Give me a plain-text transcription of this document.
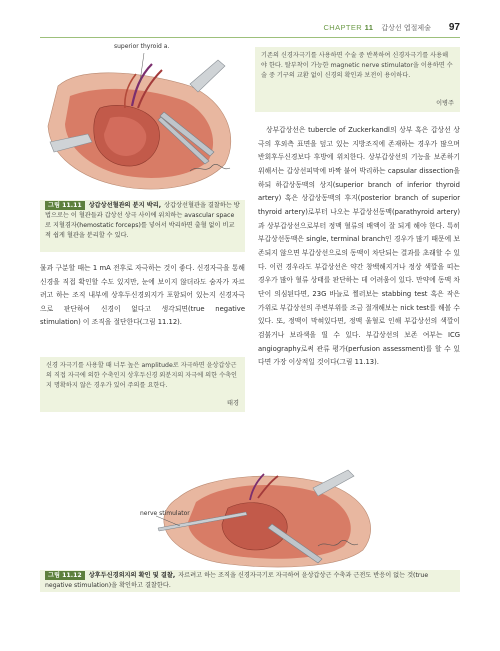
CHAPTER 11 갑상선 엽절제술 97
superior thyroid a.
그림 11.11 상갑상선혈관의 분지 박리, 상갑상선혈관을 결찰하는 방법으로는 이 혈관들과 갑상선 상극 사이에 위치하는 avascular space로 지혈겸자(hemostatic forceps)를 넣어서 박리하면 출혈 없이 비교적 쉽게 혈관을 분리할 수 있다.
물과 구분할 때는 1 mA 전후로 자극하는 것이 좋다. 신경자극을 통해 신경을 직접 확인할 수도 있지만, 눈에 보이지 않더라도 숨자가 자르려고 하는 조직 내부에 상후두신경외지가 포함되어 있는지 신경자극으로 판단하여 신경이 없다고 생각되면(true negative stimulation) 이 조직을 절단한다(그림 11.12).
신경 자극기를 사용할 때 너무 높은 amplitude로 자극하면 윤상갑상근의 직접 자극에 의한 수축인지 상후두신경 외분지의 자극에 의한 수축인지 명확하지 않은 경우가 있어 주의를 요한다.
태경
기존의 신경자극기를 사용하면 수술 중 반복하여 신경자극기를 사용해야 한다. 탈부착이 가능한 magnetic nerve stimulator을 이용하면 수술 중 기구의 교환 없이 신경의 확인과 보전이 용이하다.
이병주

상부갑상선은 tubercle of Zuckerkandl의 상부 혹은 갑상선 상극의 후외측 표면을 덮고 있는 지방조직에 존재하는 경우가 많으며 반회후두신경보다 후방에 위치한다. 상부갑상선의 기능을 보존하기 위해서는 갑상선피막에 바짝 붙여 박리하는 capsular dissection을 하되 하갑상동맥의 상지(superior branch of inferior thyroid artery) 혹은 상갑상동맥의 후지(posterior branch of superior thyroid artery)로부터 나오는 부갑상선동맥(parathyroid artery)과 상부갑상선으로부터 정맥 혈류의 배액이 잘 되게 해야 한다. 특히 부갑상선동맥은 single, terminal branch인 경우가 많기 때문에 보존되지 않으면 부갑상선으로의 동맥이 차단되는 결과를 초래할 수 있다. 이런 경우라도 부갑상선은 약간 창백해지거나 정상 색깔을 띠는 경우가 많아 혈류 상태를 판단하는 데 어려움이 있다. 만약에 동맥 차단이 의심된다면, 23G 바늘로 찔러보는 stabbing test 혹은 작은 가위로 부갑상선의 주변부위를 조금 절개해보는 nick test를 해볼 수 있다. 또, 정맥이 막혀있다면, 정맥 울혈로 인해 부갑상선의 색깔이 검붉거나 보라색을 띨 수 있다. 부갑상선의 보존 여부는 ICG angiography로써 관류 평가(perfusion assessment)를 할 수 있다면 가장 이상적일 것이다(그림 11.13).

nerve stimulator
그림 11.12 상후두신경외지의 확인 및 결찰, 자르려고 하는 조직을 신경자극기로 자극하여 윤상갑상근 수축과 근전도 반응이 없는 것(true negative stimulation)을 확인하고 결찰한다.
